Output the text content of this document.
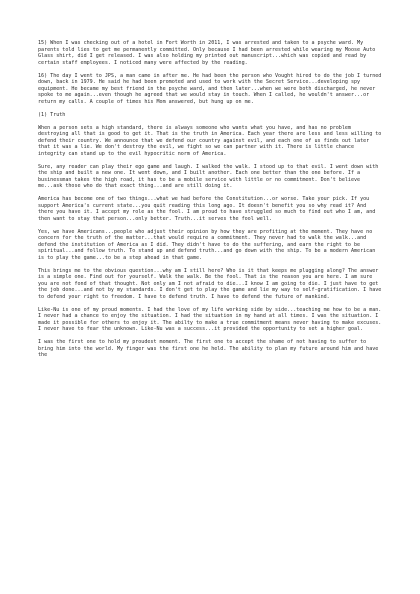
15) When I was checking out of a hotel in Fort Worth in 2011, I was arrested and taken to a psyche ward. My parents told lies to get me permanently committed. Only because I had been arrested while wearing my Moose Auto Glass shirt, did I get released. I was also holding my printed out manuscript...which was copied and read by certain staff employees. I noticed many were affected by the reading.
16) The day I went to JPS, a man came in after me. He had been the person who Vought hired to do the job I turned down, back in 1979. He said he had been promoted and used to work with the Secret Service...developing spy equipment. He became my best friend in the psyche ward, and then later...when we were both discharged, he never spoke to me again...even though he agreed that we would stay in touch. When I called, he wouldn't answer...or return my calls. A couple of times his Mom answered, but hung up on me.
(1) Truth
When a person sets a high standard, there is always someone who wants what you have, and has no problem destroying all that is good to get it. That is the truth in America. Each year there are less and less willing to defend their country. We announce that we defend our country against evil, and each one of us finds out later that it was a lie. We don't destroy the evil, we fight so we can partner with it. There is little chance integrity can stand up to the evil hypocritic norm of America.
Sure, any reader can play their ego game and laugh. I walked the walk. I stood up to that evil. I went down with the ship and built a new one. It went down, and I built another. Each one better than the one before. If a businessman takes the high road, it has to be a mobile service with little or no commitment. Don't believe me...ask those who do that exact thing...and are still doing it.
America has become one of two things...what we had before the Constitution...or worse. Take your pick. If you support America's current state...you quit reading this long ago. It doesn't benefit you so why read it? And there you have it. I accept my role as the fool. I am proud to have struggled so much to find out who I am, and then want to stay that person...only better. Truth...it serves the fool well.
Yes, we have Americans...people who adjust their opinion by how they are profiting at the moment. They have no concern for the truth of the matter...that would require a commitment. They never had to walk the walk...and defend the institution of America as I did. They didn't have to do the suffering, and earn the right to be spiritual...and follow truth. To stand up and defend truth...and go down with the ship. To be a modern American is to play the game...to be a step ahead in that game.
This brings me to the obvious question...why am I still here? Who is it that keeps me plugging along? The answer is a simple one. Find out for yourself. Walk the walk. Be the fool. That is the reason you are here. I am sure you are not fond of that thought. Not only am I not afraid to die...I know I am going to die. I just have to get the job done...and not by my standards. I don't get to play the game and lie my way to self-gratification. I have to defend your right to freedom. I have to defend truth. I have to defend the future of mankind.
Like-Nu is one of my proud moments. I had the love of my life working side by side...teaching me how to be a man. I never had a chance to enjoy the situation. I had the situation in my hand at all times. I was the situation. I made it possible for others to enjoy it. The abilty to make a true commitment means never having to make excuses. I never have to fear the unknown. Like-Nu was a success...it provided the opportunity to set a higher goal.
I was the first one to hold my proudest moment. The first one to accept the shame of not having to suffer to bring him into the world. My finger was the first one he held. The ability to plan my future around him and have the
